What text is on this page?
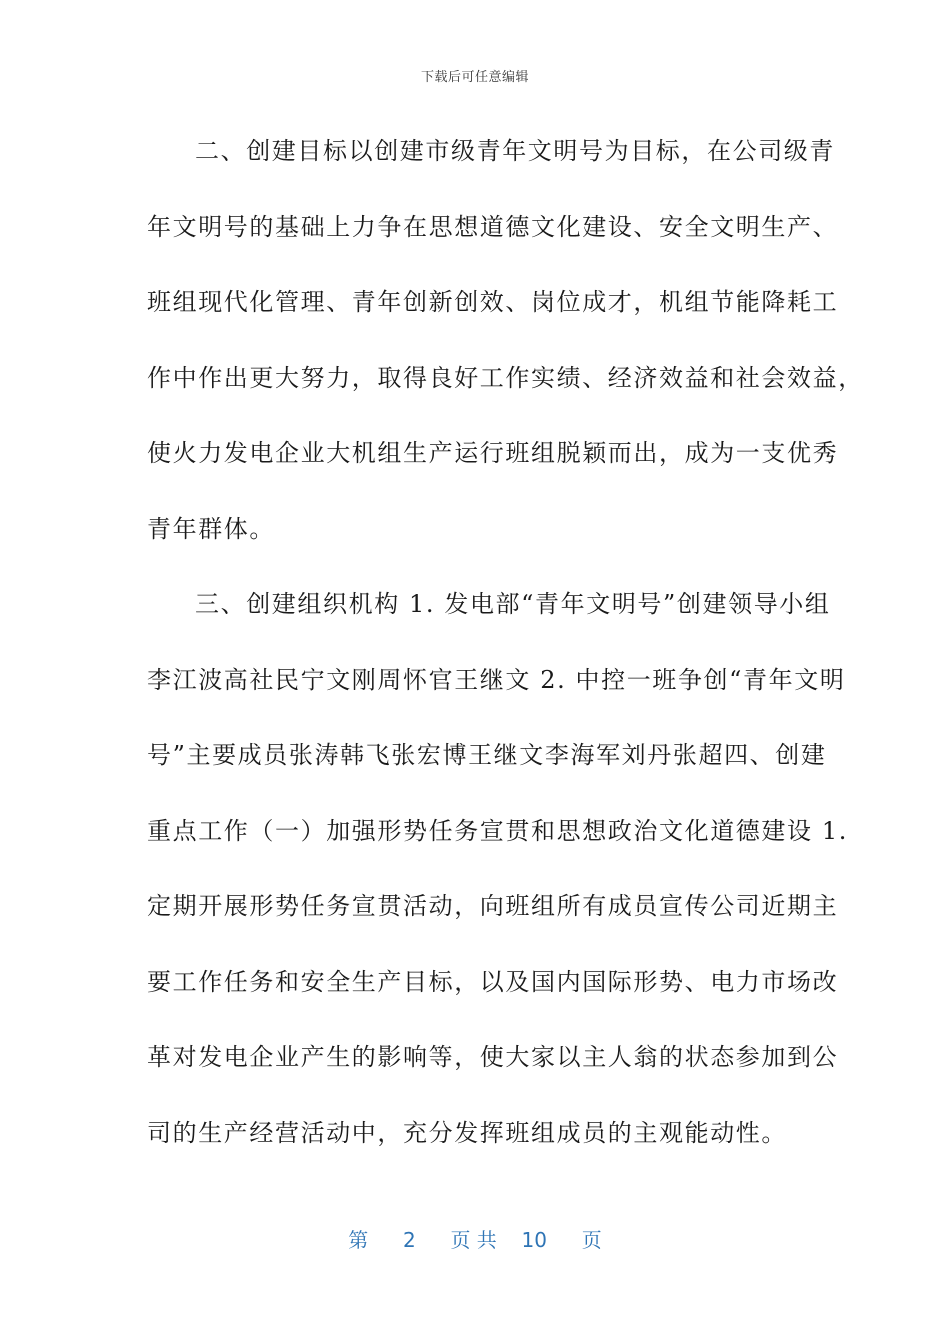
下载后可任意编辑

二、创建目标以创建市级青年文明号为目标，在公司级青
年文明号的基础上力争在思想道德文化建设、安全文明生产、
班组现代化管理、青年创新创效、岗位成才，机组节能降耗工
作中作出更大努力，取得良好工作实绩、经济效益和社会效益，
使火力发电企业大机组生产运行班组脱颖而出，成为一支优秀
青年群体。

三、创建组织机构 1. 发电部“青年文明号”创建领导小组
李江波高社民宁文刚周怀官王继文 2. 中控一班争创“青年文明
号”主要成员张涛韩飞张宏博王继文李海军刘丹张超四、创建
重点工作（一）加强形势任务宣贯和思想政治文化道德建设 1.
定期开展形势任务宣贯活动，向班组所有成员宣传公司近期主
要工作任务和安全生产目标，以及国内国际形势、电力市场改
革对发电企业产生的影响等，使大家以主人翁的状态参加到公
司的生产经营活动中，充分发挥班组成员的主观能动性。

第 2 页 共 10 页
